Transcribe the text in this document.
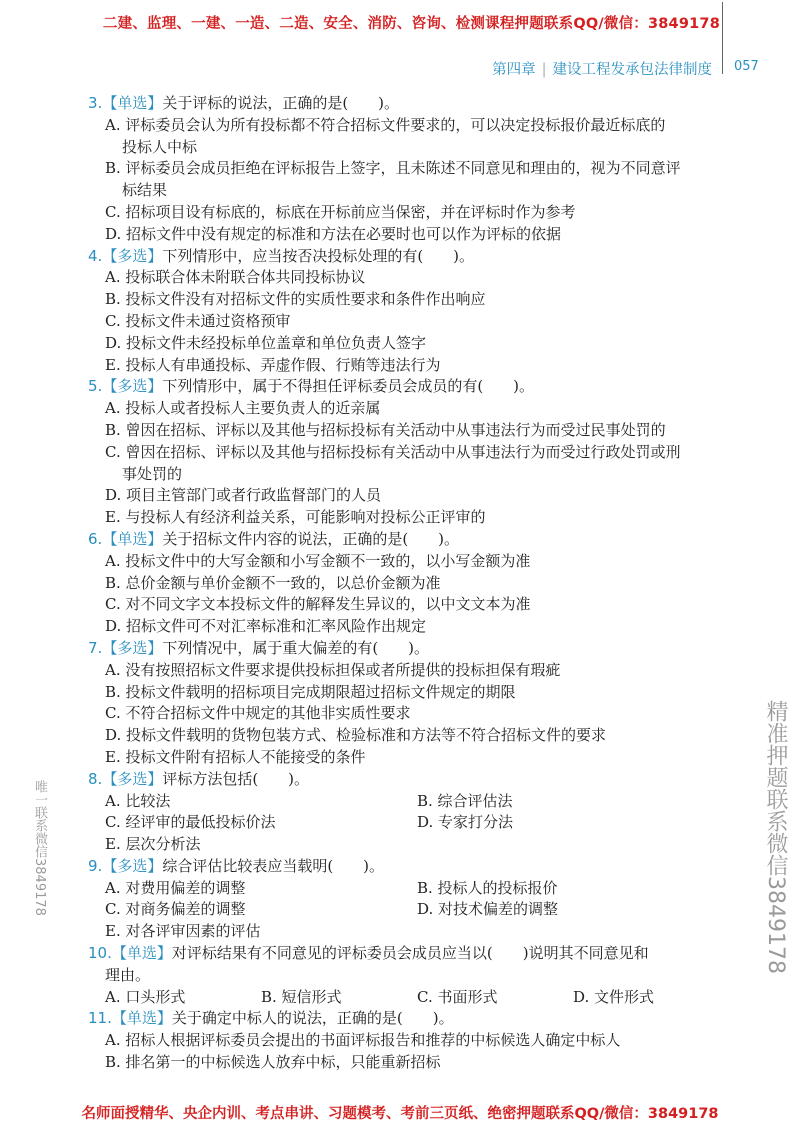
二建、监理、一建、一造、二造、安全、消防、咨询、检测课程押题联系QQ/微信：3849178
第四章 | 建设工程发承包法律制度 057
3.【单选】关于评标的说法，正确的是(　　)。
A. 评标委员会认为所有投标都不符合招标文件要求的，可以决定投标报价最近标底的
投标人中标
B. 评标委员会成员拒绝在评标报告上签字，且未陈述不同意见和理由的，视为不同意评
标结果
C. 招标项目设有标底的，标底在开标前应当保密，并在评标时作为参考
D. 招标文件中没有规定的标准和方法在必要时也可以作为评标的依据
4.【多选】下列情形中，应当按否决投标处理的有(　　)。
A. 投标联合体未附联合体共同投标协议
B. 投标文件没有对招标文件的实质性要求和条件作出响应
C. 投标文件未通过资格预审
D. 投标文件未经投标单位盖章和单位负责人签字
E. 投标人有串通投标、弄虚作假、行贿等违法行为
5.【多选】下列情形中，属于不得担任评标委员会成员的有(　　)。
A. 投标人或者投标人主要负责人的近亲属
B. 曾因在招标、评标以及其他与招标投标有关活动中从事违法行为而受过民事处罚的
C. 曾因在招标、评标以及其他与招标投标有关活动中从事违法行为而受过行政处罚或刑
事处罚的
D. 项目主管部门或者行政监督部门的人员
E. 与投标人有经济利益关系，可能影响对投标公正评审的
6.【单选】关于招标文件内容的说法，正确的是(　　)。
A. 投标文件中的大写金额和小写金额不一致的，以小写金额为准
B. 总价金额与单价金额不一致的，以总价金额为准
C. 对不同文字文本投标文件的解释发生异议的，以中文文本为准
D. 招标文件可不对汇率标准和汇率风险作出规定
7.【多选】下列情况中，属于重大偏差的有(　　)。
A. 没有按照招标文件要求提供投标担保或者所提供的投标担保有瑕疵
B. 投标文件载明的招标项目完成期限超过招标文件规定的期限
C. 不符合招标文件中规定的其他非实质性要求
D. 投标文件载明的货物包装方式、检验标准和方法等不符合招标文件的要求
E. 投标文件附有招标人不能接受的条件
8.【多选】评标方法包括(　　)。
A. 比较法	B. 综合评估法
C. 经评审的最低投标价法	D. 专家打分法
E. 层次分析法
9.【多选】综合评估比较表应当载明(　　)。
A. 对费用偏差的调整	B. 投标人的投标报价
C. 对商务偏差的调整	D. 对技术偏差的调整
E. 对各评审因素的评估
10.【单选】对评标结果有不同意见的评标委员会成员应当以(　　)说明其不同意见和
理由。
A. 口头形式	B. 短信形式	C. 书面形式	D. 文件形式
11.【单选】关于确定中标人的说法，正确的是(　　)。
A. 招标人根据评标委员会提出的书面评标报告和推荐的中标候选人确定中标人
B. 排名第一的中标候选人放弃中标，只能重新招标
唯一联系微信3849178	精准押题联系微信3849178
名师面授精华、央企内训、考点串讲、习题模考、考前三页纸、绝密押题联系QQ/微信：3849178
